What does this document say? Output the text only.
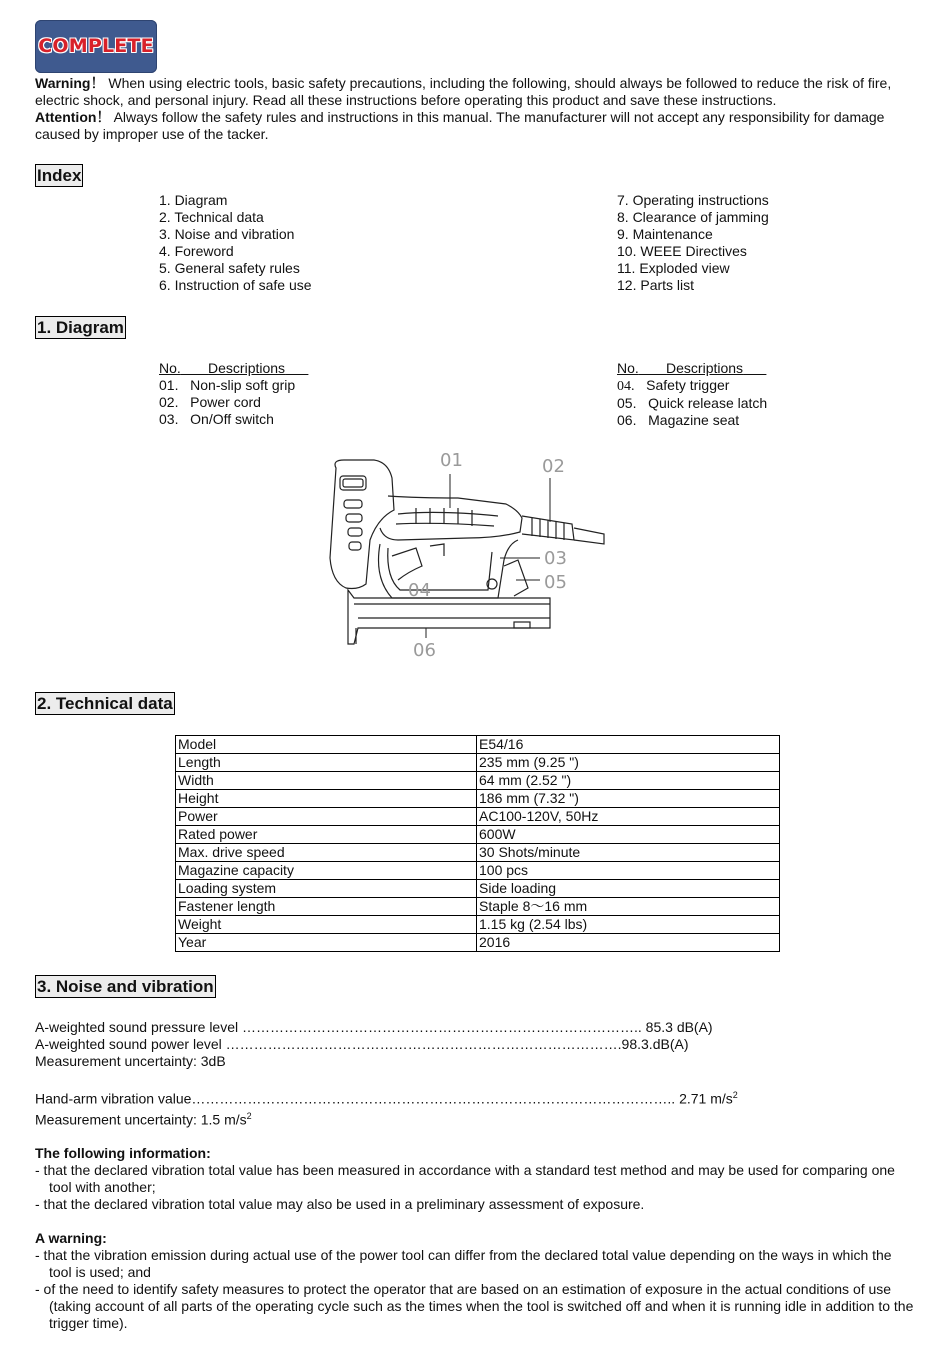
COMPLETE

Warning！ When using electric tools, basic safety precautions, including the following, should always be followed to reduce the risk of fire, electric shock, and personal injury. Read all these instructions before operating this product and save these instructions.

Attention！ Always follow the safety rules and instructions in this manual. The manufacturer will not accept any responsibility for damage caused by improper use of the tacker.

Index
1. Diagram
2. Technical data
3. Noise and vibration
4. Foreword
5. General safety rules
6. Instruction of safe use
7. Operating instructions
8. Clearance of jamming
9. Maintenance
10. WEEE Directives
11. Exploded view
12. Parts list
1. Diagram
No. Descriptions
01. Non-slip soft grip
02. Power cord
03. On/Off switch
No. Descriptions
04. Safety trigger
05. Quick release latch
06. Magazine seat
01	02
03
04	05
06
2. Technical data
Model	E54/16
Length	235 mm (9.25 ")
Width	64 mm (2.52 ")
Height	186 mm (7.32 ")
Power	AC100-120V, 50Hz
Rated power	600W
Max. drive speed	30 Shots/minute
Magazine capacity	100 pcs
Loading system	Side loading
Fastener length	Staple 8～16 mm
Weight	1.15 kg (2.54 lbs)
Year	2016
3. Noise and vibration
A-weighted sound pressure level ………………………………………………………………………….. 85.3 dB(A)
A-weighted sound power level ………………………………………………………………………….98.3.dB(A)
Measurement uncertainty: 3dB
Hand-arm vibration value………………………………………………………………………………………….. 2.71 $m/s^2$
Measurement uncertainty: 1.5 $m/s^2$
The following information:

- that the declared vibration total value has been measured in accordance with a standard test method and may be used for comparing one tool with another;

- that the declared vibration total value may also be used in a preliminary assessment of exposure.

A warning:

- that the vibration emission during actual use of the power tool can differ from the declared total value depending on the ways in which the tool is used; and

- of the need to identify safety measures to protect the operator that are based on an estimation of exposure in the actual conditions of use (taking account of all parts of the operating cycle such as the times when the tool is switched off and when it is running idle in addition to the trigger time).
